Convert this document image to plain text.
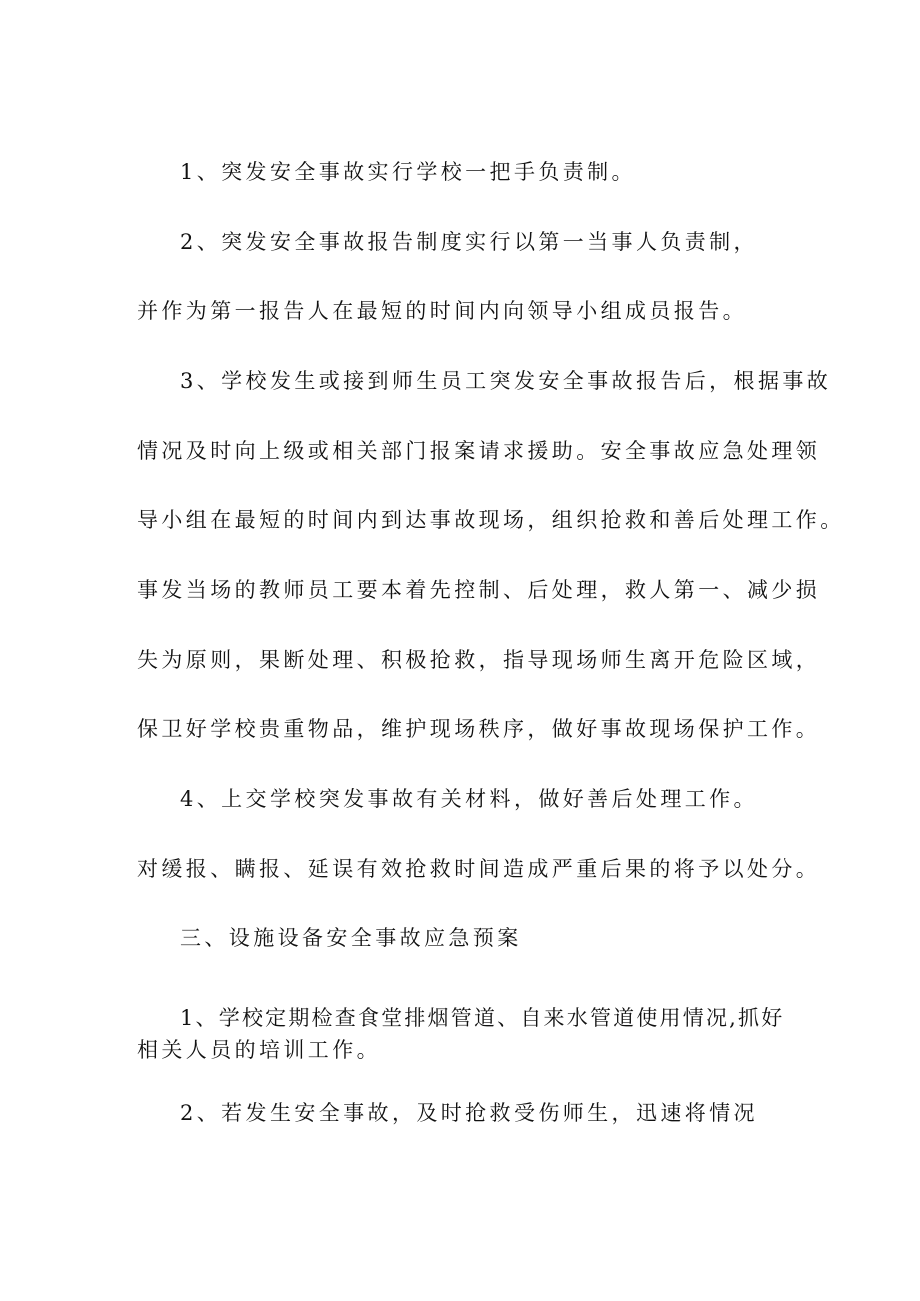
1、突发安全事故实行学校一把手负责制。

2、突发安全事故报告制度实行以第一当事人负责制，

并作为第一报告人在最短的时间内向领导小组成员报告。

3、学校发生或接到师生员工突发安全事故报告后，根据事故

情况及时向上级或相关部门报案请求援助。安全事故应急处理领

导小组在最短的时间内到达事故现场，组织抢救和善后处理工作。

事发当场的教师员工要本着先控制、后处理，救人第一、减少损

失为原则，果断处理、积极抢救，指导现场师生离开危险区域，

保卫好学校贵重物品，维护现场秩序，做好事故现场保护工作。

4、上交学校突发事故有关材料，做好善后处理工作。

对缓报、瞒报、延误有效抢救时间造成严重后果的将予以处分。

三、设施设备安全事故应急预案

1、学校定期检查食堂排烟管道、自来水管道使用情况,抓好

相关人员的培训工作。

2、若发生安全事故，及时抢救受伤师生，迅速将情况
